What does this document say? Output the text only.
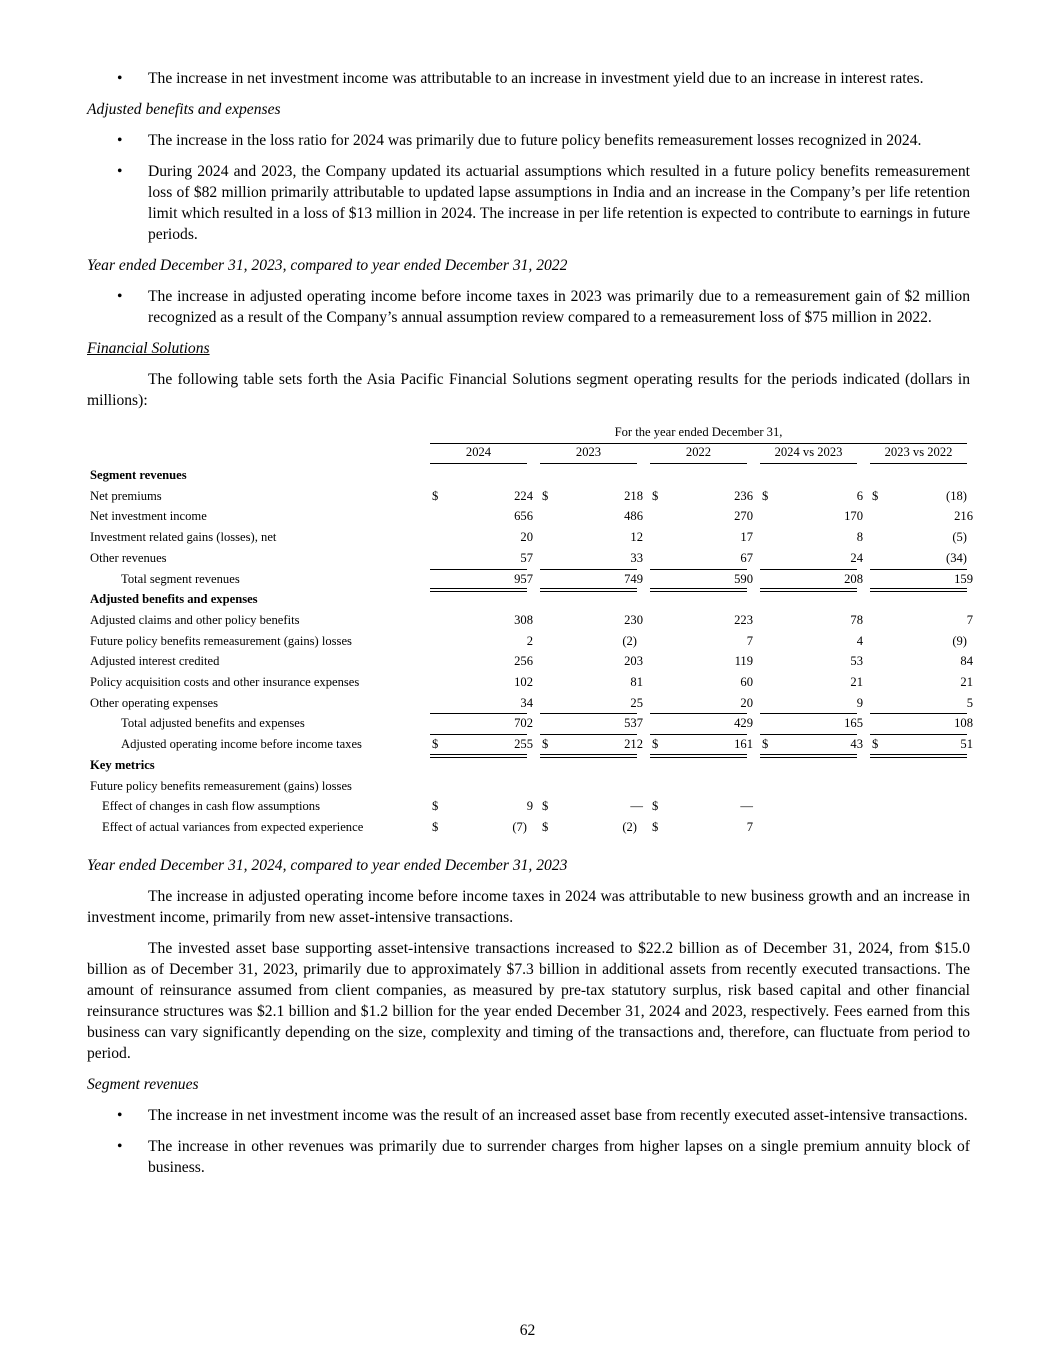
• The increase in net investment income was attributable to an increase in investment yield due to an increase in interest rates.

Adjusted benefits and expenses

• The increase in the loss ratio for 2024 was primarily due to future policy benefits remeasurement losses recognized in 2024.

• During 2024 and 2023, the Company updated its actuarial assumptions which resulted in a future policy benefits remeasurement loss of $82 million primarily attributable to updated lapse assumptions in India and an increase in the Company’s per life retention limit which resulted in a loss of $13 million in 2024. The increase in per life retention is expected to contribute to earnings in future periods.

Year ended December 31, 2023, compared to year ended December 31, 2022

• The increase in adjusted operating income before income taxes in 2023 was primarily due to a remeasurement gain of $2 million recognized as a result of the Company’s annual assumption review compared to a remeasurement loss of $75 million in 2022.

Financial Solutions

The following table sets forth the Asia Pacific Financial Solutions segment operating results for the periods indicated (dollars in millions):

For the year ended December 31,
2024	2023	2022	2024 vs 2023	2023 vs 2022
Segment revenues
Net premiums	$	224 $	218 $	236 $	6 $	(18)
Net investment income	656	486	270	170	216
Investment related gains (losses), net	20	12	17	8	(5)
Other revenues	57	33	67	24	(34)
Total segment revenues	957	749	590	208	159
Adjusted benefits and expenses
Adjusted claims and other policy benefits	308	230	223	78	7
Future policy benefits remeasurement (gains) losses	2	(2)	7	4	(9)
Adjusted interest credited	256	203	119	53	84
Policy acquisition costs and other insurance expenses	102	81	60	21	21
Other operating expenses	34	25	20	9	5
Total adjusted benefits and expenses	702	537	429	165	108
Adjusted operating income before income taxes	$	255 $	212 $	161 $	43 $	51
Key metrics
Future policy benefits remeasurement (gains) losses
Effect of changes in cash flow assumptions	$	9 $	— $	—
Effect of actual variances from expected experience	$	(7) $	(2) $	7

Year ended December 31, 2024, compared to year ended December 31, 2023

The increase in adjusted operating income before income taxes in 2024 was attributable to new business growth and an increase in investment income, primarily from new asset-intensive transactions.

The invested asset base supporting asset-intensive transactions increased to $22.2 billion as of December 31, 2024, from $15.0 billion as of December 31, 2023, primarily due to approximately $7.3 billion in additional assets from recently executed transactions. The amount of reinsurance assumed from client companies, as measured by pre-tax statutory surplus, risk based capital and other financial reinsurance structures was $2.1 billion and $1.2 billion for the year ended December 31, 2024 and 2023, respectively. Fees earned from this business can vary significantly depending on the size, complexity and timing of the transactions and, therefore, can fluctuate from period to period.

Segment revenues

• The increase in net investment income was the result of an increased asset base from recently executed asset-intensive transactions.

• The increase in other revenues was primarily due to surrender charges from higher lapses on a single premium annuity block of business.

62
